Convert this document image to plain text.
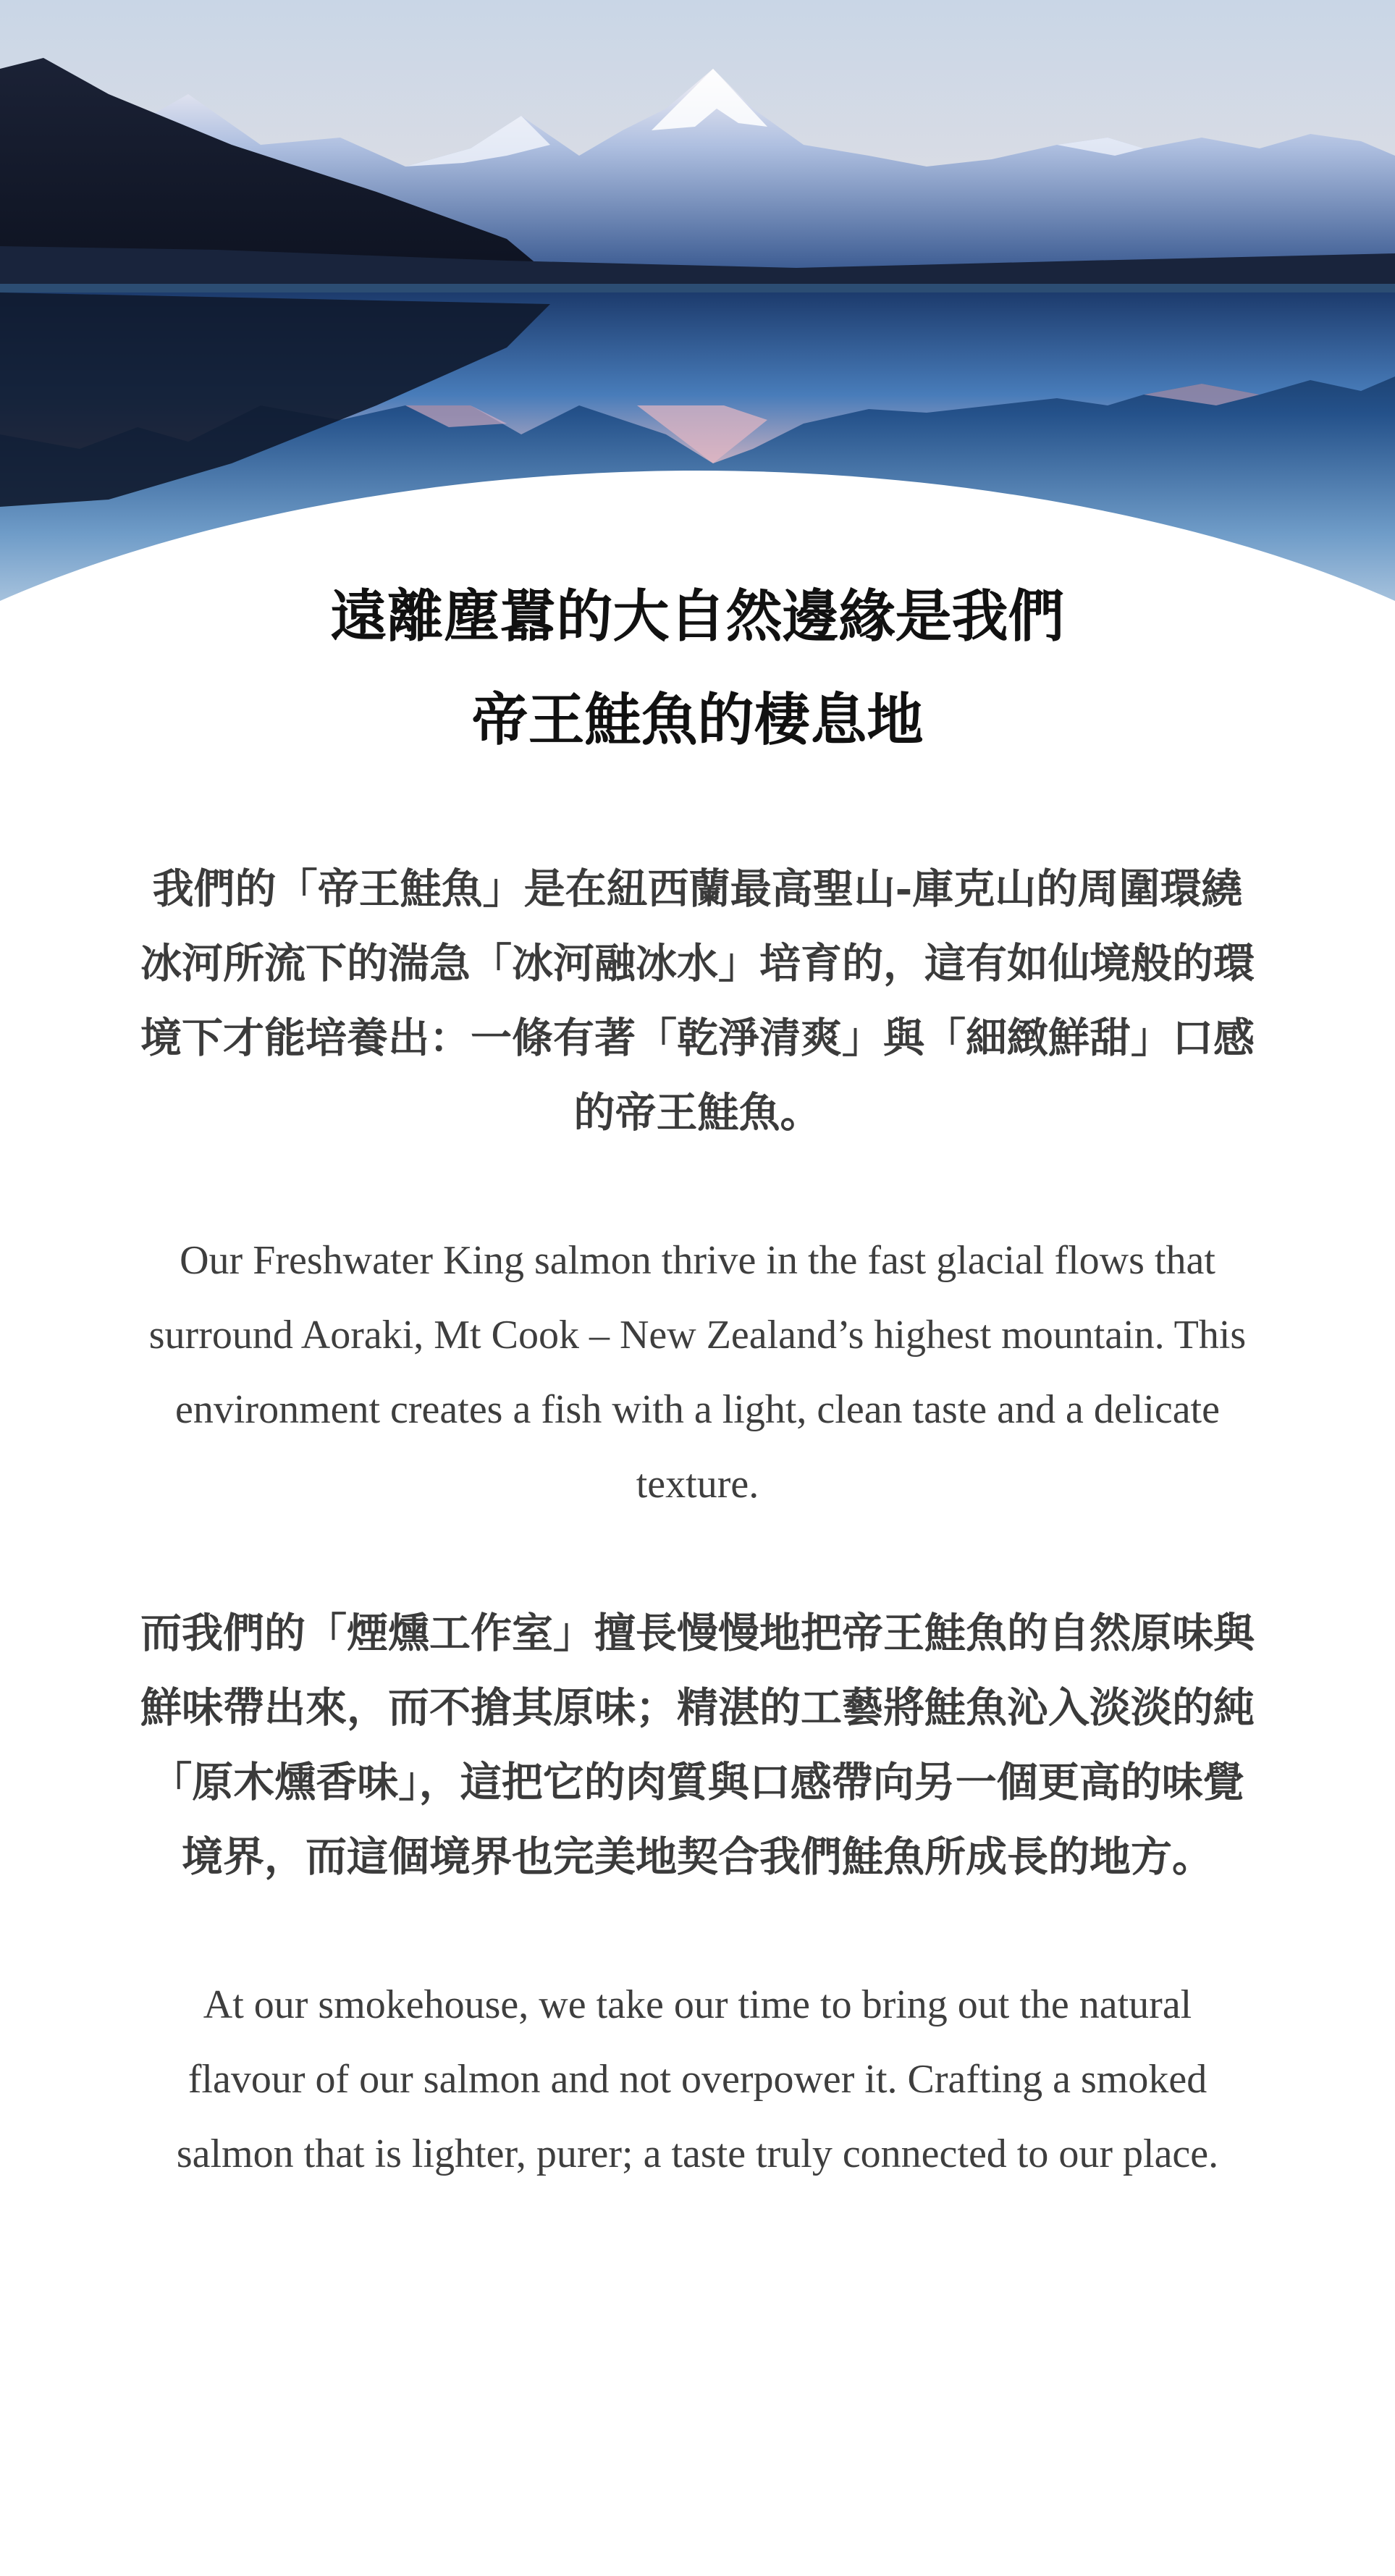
遠離塵囂的大自然邊緣是我們
帝王鮭魚的棲息地

我們的「帝王鮭魚」是在紐西蘭最高聖山-庫克山的周圍環繞冰河所流下的湍急「冰河融冰水」培育的，這有如仙境般的環境下才能培養出：一條有著「乾淨清爽」與「細緻鮮甜」口感的帝王鮭魚。

Our Freshwater King salmon thrive in the fast glacial flows that surround Aoraki, Mt Cook – New Zealand’s highest mountain. This environment creates a fish with a light, clean taste and a delicate texture.

而我們的「煙燻工作室」擅長慢慢地把帝王鮭魚的自然原味與鮮味帶出來，而不搶其原味；精湛的工藝將鮭魚沁入淡淡的純「原木燻香味」，這把它的肉質與口感帶向另一個更高的味覺境界，而這個境界也完美地契合我們鮭魚所成長的地方。

At our smokehouse, we take our time to bring out the natural flavour of our salmon and not overpower it. Crafting a smoked salmon that is lighter, purer; a taste truly connected to our place.
